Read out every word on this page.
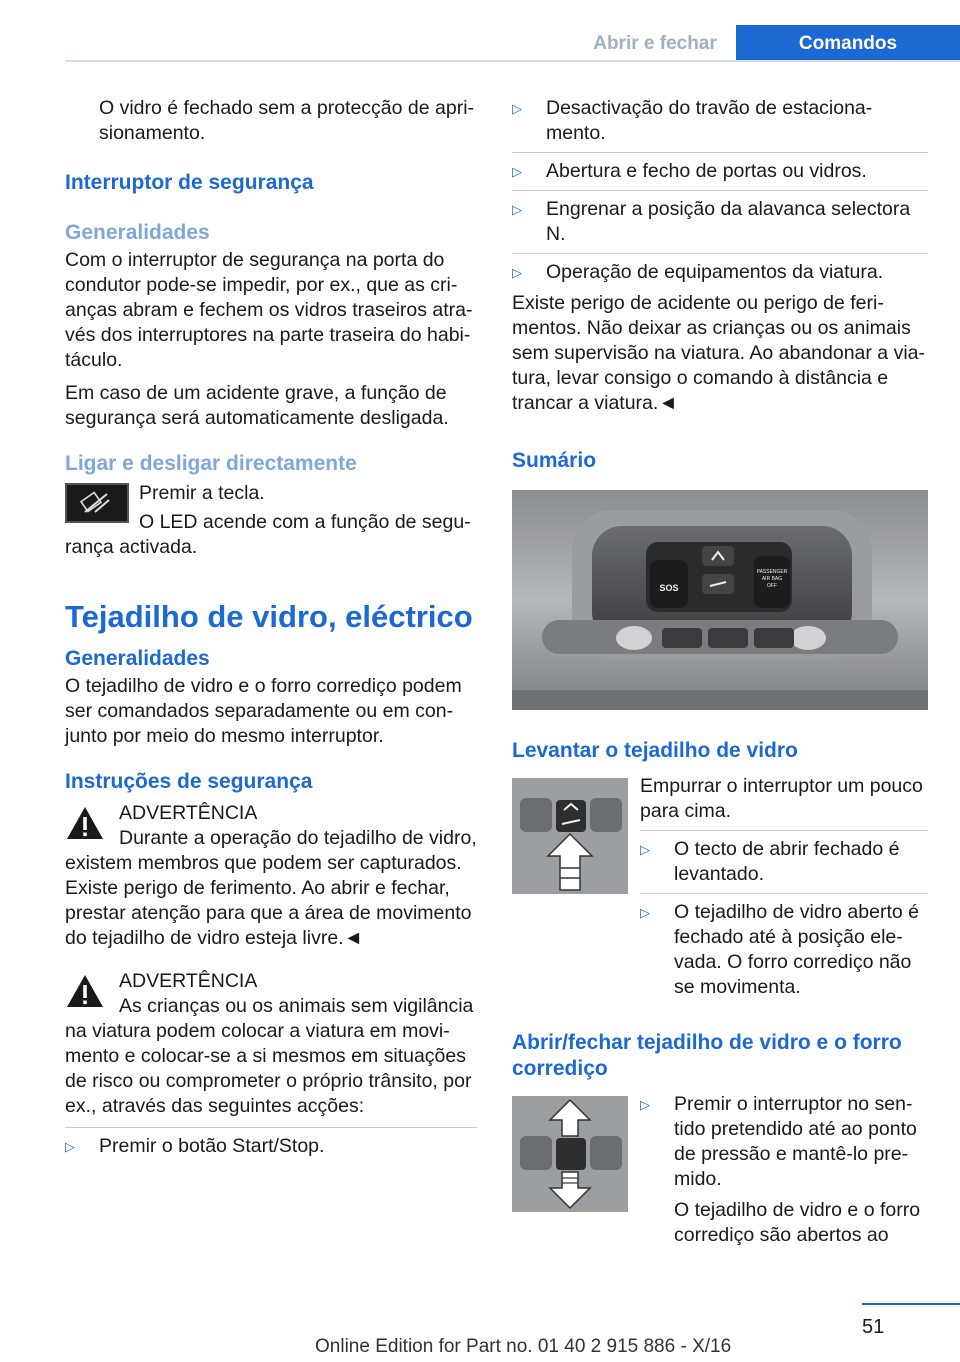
Abrir e fechar	Comandos

O vidro é fechado sem a protecção de apri‐sionamento.

Interruptor de segurança
Generalidades

Com o interruptor de segurança na porta do condutor pode-se impedir, por ex., que as cri‐anças abram e fechem os vidros traseiros atra‐vés dos interruptores na parte traseira do habi‐táculo.

Em caso de um acidente grave, a função de segurança será automaticamente desligada.

Ligar e desligar directamente

Premir a tecla.

O LED acende com a função de segu‐rança activada.

Tejadilho de vidro, eléctrico
Generalidades

O tejadilho de vidro e o forro corrediço podem ser comandados separadamente ou em con‐junto por meio do mesmo interruptor.

Instruções de segurança

ADVERTÊNCIA

Durante a operação do tejadilho de vidro, existem membros que podem ser capturados. Existe perigo de ferimento. Ao abrir e fechar, prestar atenção para que a área de movimento do tejadilho de vidro esteja livre.◄

ADVERTÊNCIA

As crianças ou os animais sem vigilância na viatura podem colocar a viatura em movi‐mento e colocar-se a si mesmos em situações de risco ou comprometer o próprio trânsito, por ex., através das seguintes acções:

▷	Premir o botão Start/Stop.
▷	Desactivação do travão de estaciona‐mento.
▷	Abertura e fecho de portas ou vidros.
▷	Engrenar a posição da alavanca selectora N.
▷	Operação de equipamentos da viatura.

Existe perigo de acidente ou perigo de feri‐mentos. Não deixar as crianças ou os animais sem supervisão na viatura. Ao abandonar a via‐tura, levar consigo o comando à distância e trancar a viatura.◄

Sumário
SOS
PASSENGER
AIR BAG
OFF
Levantar o tejadilho de vidro

Empurrar o interruptor um pouco para cima.

▷	O tecto de abrir fechado é levantado.
▷	O tejadilho de vidro aberto é fechado até à posição ele‐vada. O forro corrediço não se movimenta.
Abrir/fechar tejadilho de vidro e o forro corrediço
▷	Premir o interruptor no sen‐tido pretendido até ao ponto de pressão e mantê-lo pre‐mido.

O tejadilho de vidro e o forro corrediço são abertos ao

51
Online Edition for Part no. 01 40 2 915 886 - X/16
